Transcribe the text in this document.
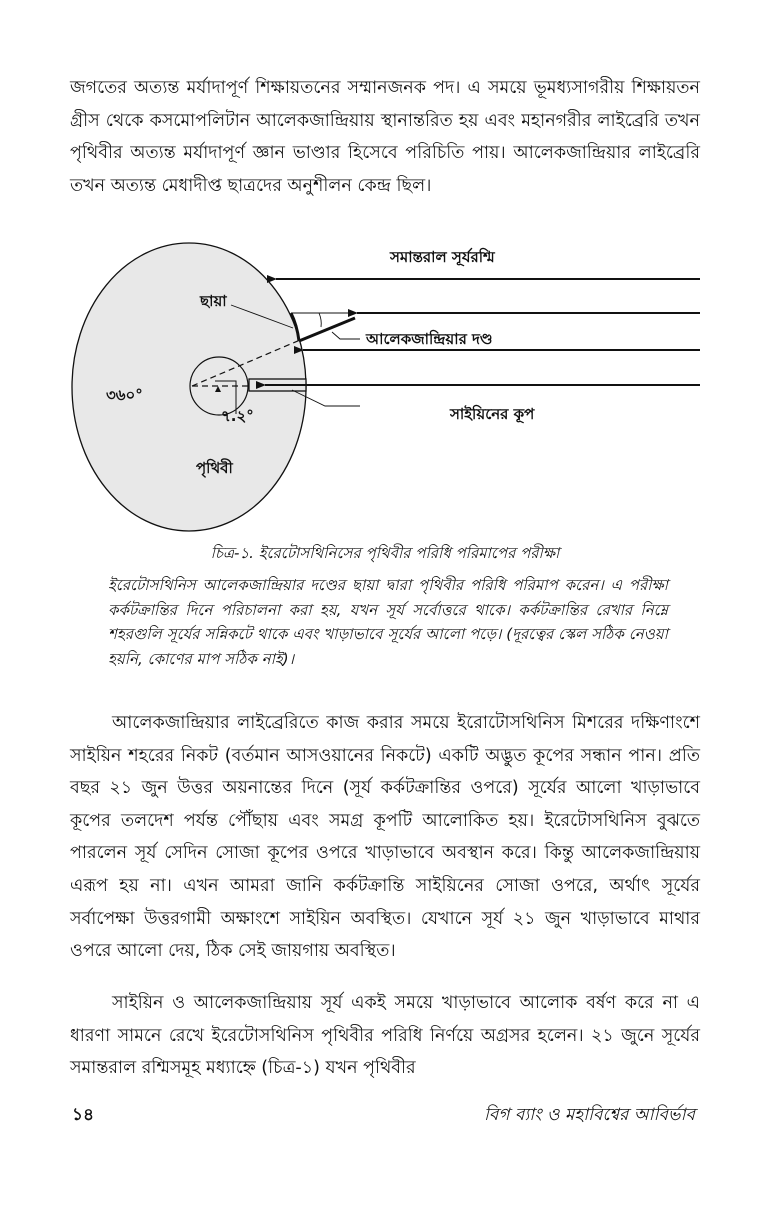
জগতের অত্যন্ত মর্যাদাপূর্ণ শিক্ষায়তনের সম্মানজনক পদ। এ সময়ে ভূমধ্যসাগরীয় শিক্ষায়তন গ্রীস থেকে কসমোপলিটান আলেকজান্দ্রিয়ায় স্থানান্তরিত হয় এবং মহানগরীর লাইব্রেরি তখন পৃথিবীর অত্যন্ত মর্যাদাপূর্ণ জ্ঞান ভাণ্ডার হিসেবে পরিচিতি পায়। আলেকজান্দ্রিয়ার লাইব্রেরি তখন অত্যন্ত মেধাদীপ্ত ছাত্রদের অনুশীলন কেন্দ্র ছিল।

সমান্তরাল সূর্যরশ্মি
ছায়া
আলেকজান্দ্রিয়ার দণ্ড
সাইয়িনের কূপ
৩৬০°
৭.২°
পৃথিবী
চিত্র-১. ইরেটোসথিনিসের পৃথিবীর পরিধি পরিমাপের পরীক্ষা
ইরেটোসথিনিস আলেকজান্দ্রিয়ার দণ্ডের ছায়া দ্বারা পৃথিবীর পরিধি পরিমাপ করেন। এ পরীক্ষা কর্কটক্রান্তির দিনে পরিচালনা করা হয়, যখন সূর্য সর্বোত্তরে থাকে। কর্কটক্রান্তির রেখার নিম্নে শহরগুলি সূর্যের সন্নিকটে থাকে এবং খাড়াভাবে সূর্যের আলো পড়ে। (দূরত্বের স্কেল সঠিক নেওয়া হয়নি, কোণের মাপ সঠিক নাই)।

আলেকজান্দ্রিয়ার লাইব্রেরিতে কাজ করার সময়ে ইরোটোসথিনিস মিশরের দক্ষিণাংশে সাইয়িন শহরের নিকট (বর্তমান আসওয়ানের নিকটে) একটি অদ্ভুত কূপের সন্ধান পান। প্রতি বছর ২১ জুন উত্তর অয়নান্তের দিনে (সূর্য কর্কটক্রান্তির ওপরে) সূর্যের আলো খাড়াভাবে কূপের তলদেশ পর্যন্ত পৌঁছায় এবং সমগ্র কূপটি আলোকিত হয়। ইরেটোসথিনিস বুঝতে পারলেন সূর্য সেদিন সোজা কূপের ওপরে খাড়াভাবে অবস্থান করে। কিন্তু আলেকজান্দ্রিয়ায় এরূপ হয় না। এখন আমরা জানি কর্কটক্রান্তি সাইয়িনের সোজা ওপরে, অর্থাৎ সূর্যের সর্বাপেক্ষা উত্তরগামী অক্ষাংশে সাইয়িন অবস্থিত। যেখানে সূর্য ২১ জুন খাড়াভাবে মাথার ওপরে আলো দেয়, ঠিক সেই জায়গায় অবস্থিত।

সাইয়িন ও আলেকজান্দ্রিয়ায় সূর্য একই সময়ে খাড়াভাবে আলোক বর্ষণ করে না এ ধারণা সামনে রেখে ইরেটোসথিনিস পৃথিবীর পরিধি নির্ণয়ে অগ্রসর হলেন। ২১ জুনে সূর্যের সমান্তরাল রশ্মিসমূহ মধ্যাহ্নে (চিত্র-১) যখন পৃথিবীর

১৪	বিগ ব্যাং ও মহাবিশ্বের আবির্ভাব
